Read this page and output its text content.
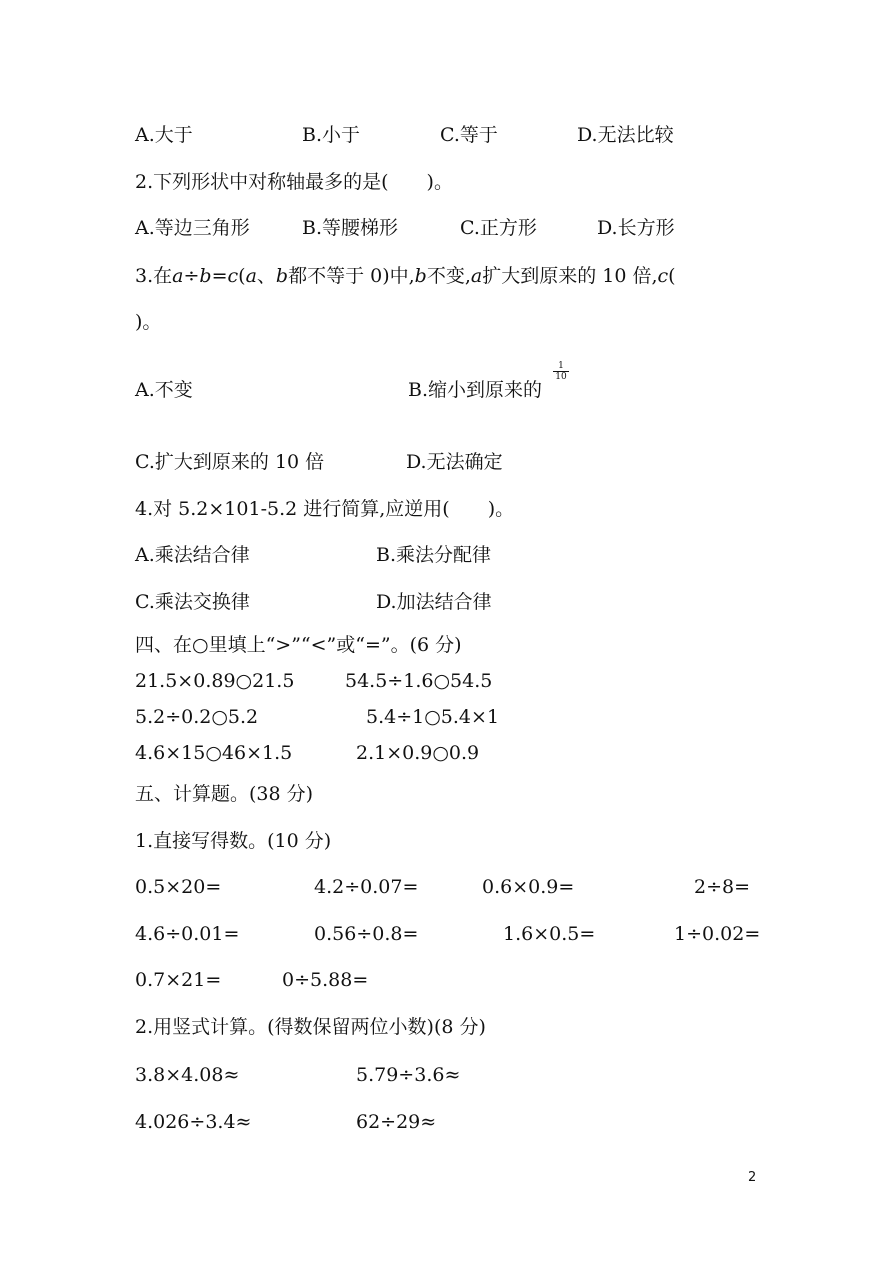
A.大于	B.小于	C.等于	D.无法比较
2.下列形状中对称轴最多的是(　　)。
A.等边三角形	B.等腰梯形	C.正方形	D.长方形
3.在a÷b=c(a、b都不等于 0)中,b不变,a扩大到原来的 10 倍,c(
)。
A.不变	B.缩小到原来的
$\frac{1}{10}$
C.扩大到原来的 10 倍	D.无法确定
4.对 5.2×101-5.2 进行简算,应逆用(　　)。
A.乘法结合律	B.乘法分配律
C.乘法交换律	D.加法结合律
四、在○里填上“>”“<”或“=”。(6 分)
21.5×0.89○21.5	54.5÷1.6○54.5
5.2÷0.2○5.2	5.4÷1○5.4×1
4.6×15○46×1.5	2.1×0.9○0.9
五、计算题。(38 分)
1.直接写得数。(10 分)
0.5×20=	4.2÷0.07=	0.6×0.9=	2÷8=
4.6÷0.01=	0.56÷0.8=	1.6×0.5=	1÷0.02=
0.7×21=	0÷5.88=
2.用竖式计算。(得数保留两位小数)(8 分)
3.8×4.08≈	5.79÷3.6≈
4.026÷3.4≈	62÷29≈
2
